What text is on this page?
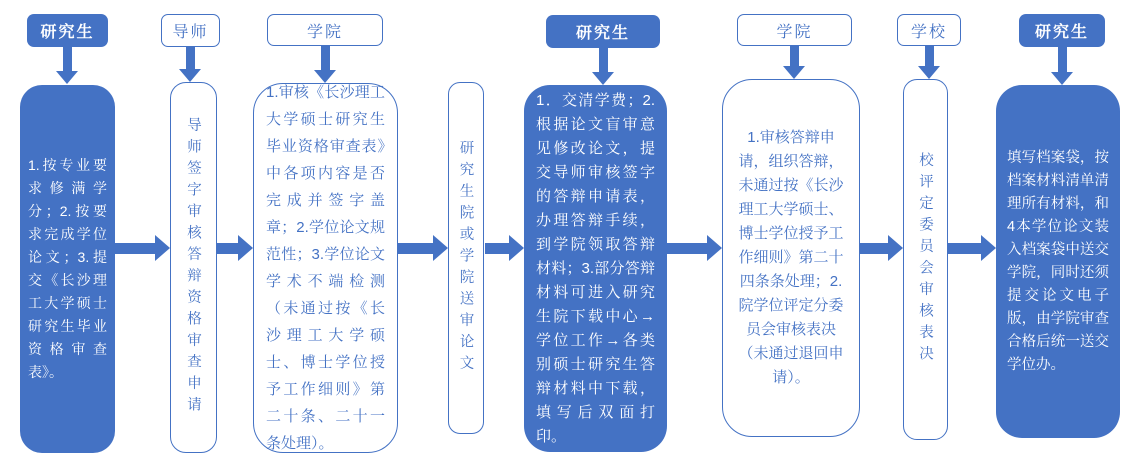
研究生
1.按专业要求修满学分；2.按要求完成学位论文；3.提交《长沙理工大学硕士研究生毕业资格审查表》。
导师
导师签字审核答辩资格审查申请
学院
1.审核《长沙理工大学硕士研究生毕业资格审查表》中各项内容是否完成并签字盖章；2.学位论文规范性；3.学位论文学术不端检测（未通过按《长沙理工大学硕士、博士学位授予工作细则》第二十条、二十一条处理）。
研究生院或学院送审论文
研究生
1．交清学费；2.根据论文盲审意见修改论文，提交导师审核签字的答辩申请表，办理答辩手续，到学院领取答辩材料；3.部分答辩材料可进入研究生院下载中心→学位工作→各类别硕士研究生答辩材料中下载，填写后双面打印。
学院
1.审核答辩申请，组织答辩，未通过按《长沙理工大学硕士、博士学位授予工作细则》第二十四条条处理；2.院学位评定分委员会审核表决（未通过退回申请）。
学校
校评定委员会审核表决
研究生
填写档案袋，按档案材料清单清理所有材料，和4本学位论文装入档案袋中送交学院，同时还须提交论文电子版，由学院审查合格后统一送交学位办。
